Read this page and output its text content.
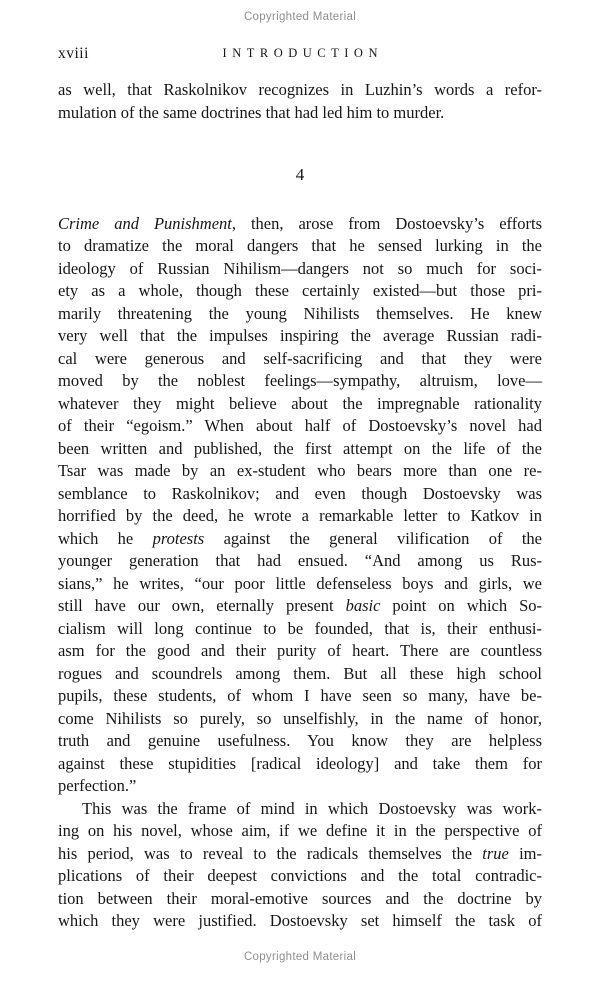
Copyrighted Material
xviii	INTRODUCTION
as well, that Raskolnikov recognizes in Luzhin’s words a refor-
mulation of the same doctrines that had led him to murder.
4
Crime and Punishment, then, arose from Dostoevsky’s efforts
to dramatize the moral dangers that he sensed lurking in the
ideology of Russian Nihilism—dangers not so much for soci-
ety as a whole, though these certainly existed—but those pri-
marily threatening the young Nihilists themselves. He knew
very well that the impulses inspiring the average Russian radi-
cal were generous and self-sacrificing and that they were
moved by the noblest feelings—sympathy, altruism, love—
whatever they might believe about the impregnable rationality
of their “egoism.” When about half of Dostoevsky’s novel had
been written and published, the first attempt on the life of the
Tsar was made by an ex-student who bears more than one re-
semblance to Raskolnikov; and even though Dostoevsky was
horrified by the deed, he wrote a remarkable letter to Katkov in
which he protests against the general vilification of the
younger generation that had ensued. “And among us Rus-
sians,” he writes, “our poor little defenseless boys and girls, we
still have our own, eternally present basic point on which So-
cialism will long continue to be founded, that is, their enthusi-
asm for the good and their purity of heart. There are countless
rogues and scoundrels among them. But all these high school
pupils, these students, of whom I have seen so many, have be-
come Nihilists so purely, so unselfishly, in the name of honor,
truth and genuine usefulness. You know they are helpless
against these stupidities [radical ideology] and take them for
perfection.”
This was the frame of mind in which Dostoevsky was work-
ing on his novel, whose aim, if we define it in the perspective of
his period, was to reveal to the radicals themselves the true im-
plications of their deepest convictions and the total contradic-
tion between their moral-emotive sources and the doctrine by
which they were justified. Dostoevsky set himself the task of
Copyrighted Material
